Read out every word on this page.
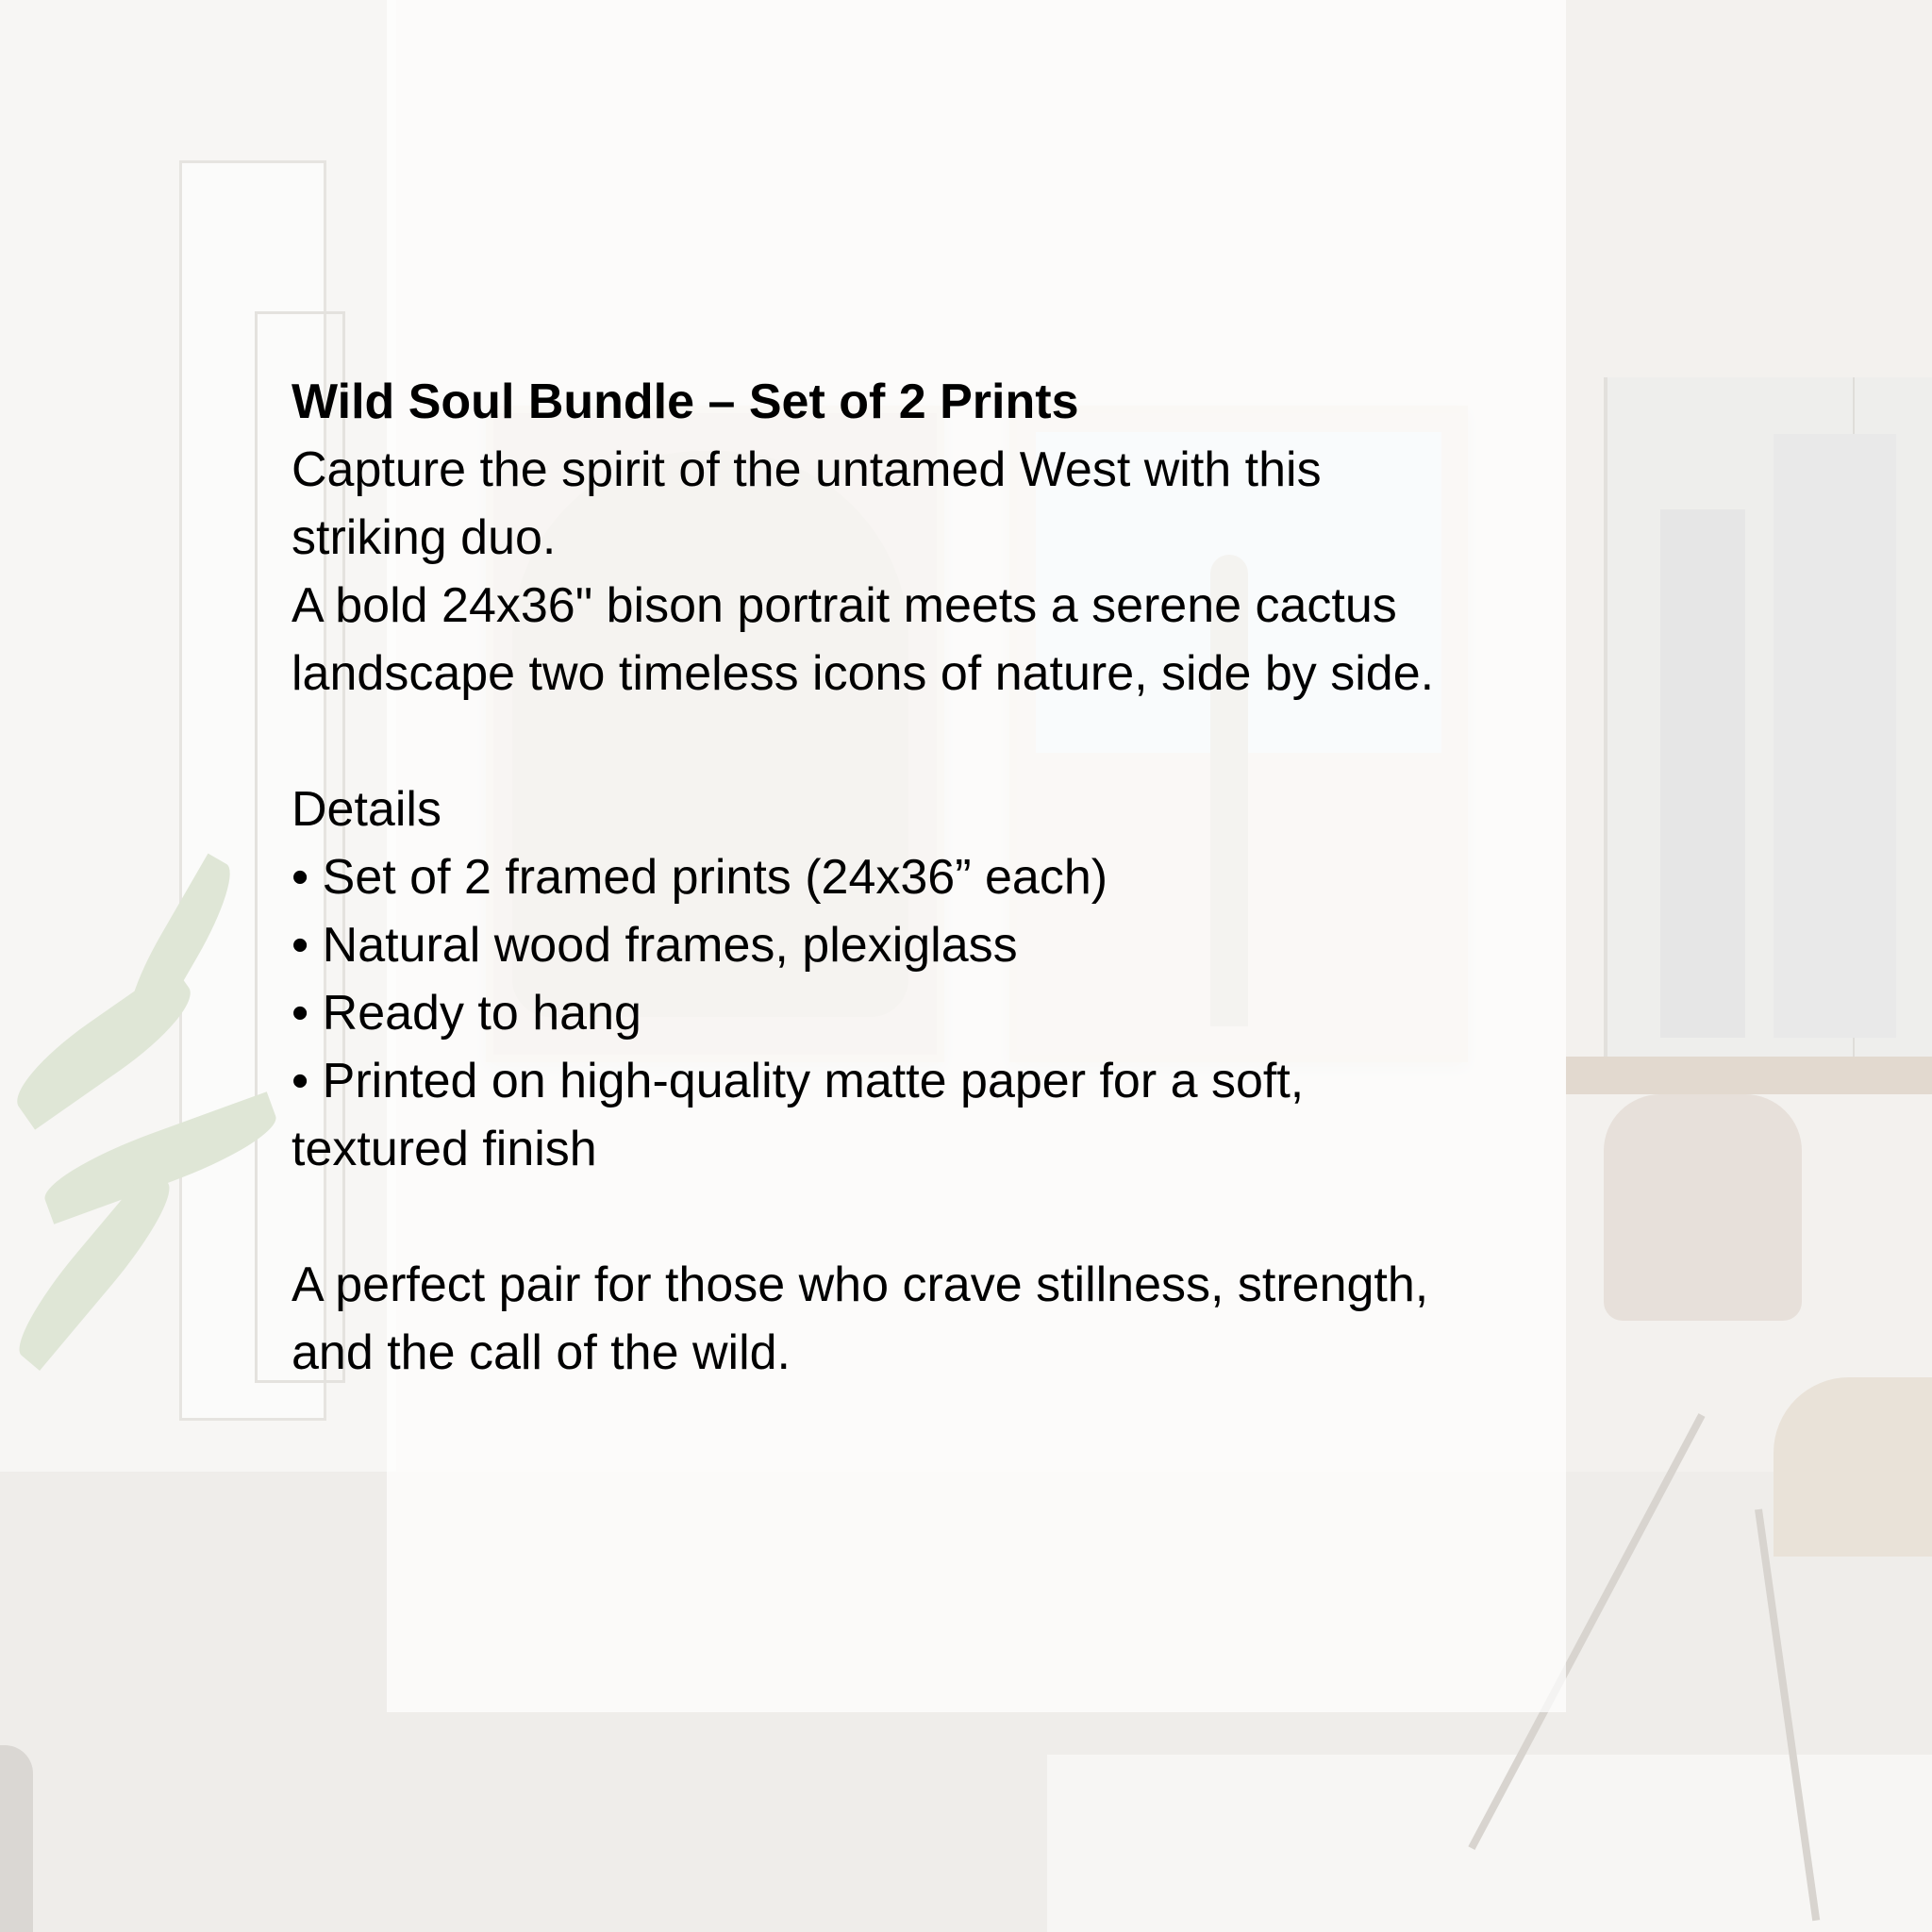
Wild Soul Bundle – Set of 2 Prints

Capture the spirit of the untamed West with this

striking duo.

A bold 24x36" bison portrait meets a serene cactus

landscape two timeless icons of nature, side by side.

Details

• Set of 2 framed prints (24x36” each)

• Natural wood frames, plexiglass

• Ready to hang

• Printed on high-quality matte paper for a soft,

textured finish

A perfect pair for those who crave stillness, strength,

and the call of the wild.
